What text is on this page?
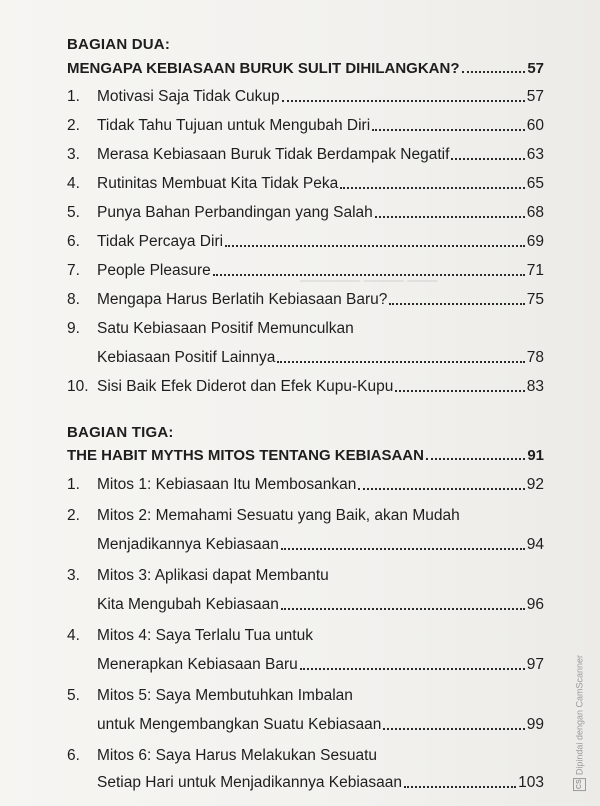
▔▔▔▔▔▔ ▔▔▔▔ ▔▔▔
BAGIAN DUA:
MENGAPA KEBIASAAN BURUK SULIT DIHILANGKAN?	57
1.	Motivasi Saja Tidak Cukup	57
2.	Tidak Tahu Tujuan untuk Mengubah Diri	60
3.	Merasa Kebiasaan Buruk Tidak Berdampak Negatif	63
4.	Rutinitas Membuat Kita Tidak Peka	65
5.	Punya Bahan Perbandingan yang Salah	68
6.	Tidak Percaya Diri	69
7.	People Pleasure	71
8.	Mengapa Harus Berlatih Kebiasaan Baru?	75
9.	Satu Kebiasaan Positif Memunculkan
Kebiasaan Positif Lainnya	78
10. Sisi Baik Efek Diderot dan Efek Kupu-Kupu	83
BAGIAN TIGA:
THE HABIT MYTHS MITOS TENTANG KEBIASAAN	91
1.	Mitos 1: Kebiasaan Itu Membosankan	92
2.	Mitos 2: Memahami Sesuatu yang Baik, akan Mudah
Menjadikannya Kebiasaan	94
3.	Mitos 3: Aplikasi dapat Membantu
Kita Mengubah Kebiasaan	96
4.	Mitos 4: Saya Terlalu Tua untuk
Menerapkan Kebiasaan Baru	97
5.	Mitos 5: Saya Membutuhkan Imbalan
untuk Mengembangkan Suatu Kebiasaan	99
6.	Mitos 6: Saya Harus Melakukan Sesuatu
Setiap Hari untuk Menjadikannya Kebiasaan	103	CS
Dipindai dengan CamScanner
